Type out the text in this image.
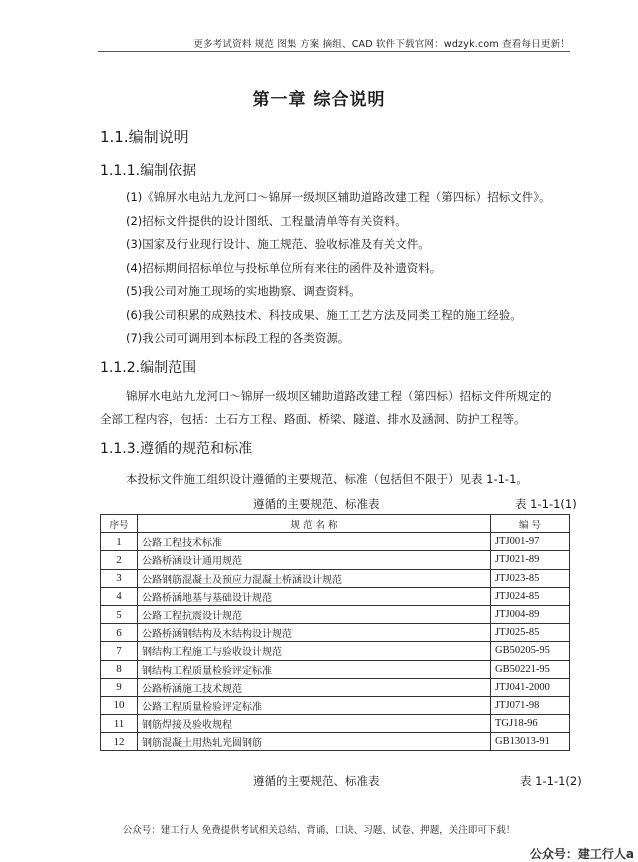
更多考试资料 规范 图集 方案 摘组、CAD 软件下载官网：wdzyk.com 查看每日更新！
第一章 综合说明
1.1.编制说明
1.1.1.编制依据
(1)《锦屏水电站九龙河口～锦屏一级坝区辅助道路改建工程（第四标）招标文件》。
(2)招标文件提供的设计图纸、工程量清单等有关资料。
(3)国家及行业现行设计、施工规范、验收标准及有关文件。
(4)招标期间招标单位与投标单位所有来往的函件及补遗资料。
(5)我公司对施工现场的实地勘察、调查资料。
(6)我公司积累的成熟技术、科技成果、施工工艺方法及同类工程的施工经验。
(7)我公司可调用到本标段工程的各类资源。
1.1.2.编制范围
锦屏水电站九龙河口～锦屏一级坝区辅助道路改建工程（第四标）招标文件所规定的
全部工程内容，包括：土石方工程、路面、桥梁、隧道、排水及涵洞、防护工程等。
1.1.3.遵循的规范和标准
本投标文件施工组织设计遵循的主要规范、标准（包括但不限于）见表 1-1-1。
遵循的主要规范、标准表	表 1-1-1(1)
序号	规 范 名 称	编 号
1	公路工程技术标准	JTJ001-97
2	公路桥涵设计通用规范	JTJ021-89
3	公路钢筋混凝土及预应力混凝土桥涵设计规范	JTJ023-85
4	公路桥涵地基与基础设计规范	JTJ024-85
5	公路工程抗震设计规范	JTJ004-89
6	公路桥涵钢结构及木结构设计规范	JTJ025-85
7	钢结构工程施工与验收设计规范	GB50205-95
8	钢结构工程质量检验评定标准	GB50221-95
9	公路桥涵施工技术规范	JTJ041-2000
10	公路工程质量检验评定标准	JTJ071-98
11	钢筋焊接及验收规程	TGJ18-96
12	钢筋混凝土用热轧光圆钢筋	GB13013-91
遵循的主要规范、标准表	表 1-1-1(2)
公众号：建工行人 免费提供考试相关总结、背诵、口诀、习题、试卷、押题，关注即可下载！
公众号：建工行人a
